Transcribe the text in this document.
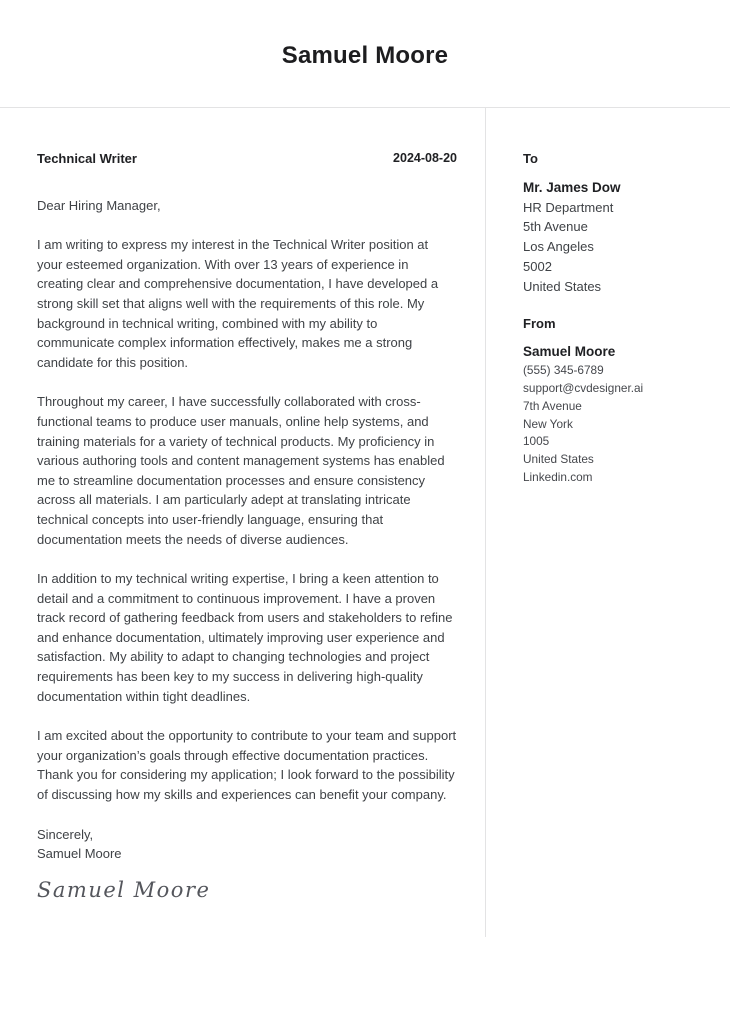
Samuel Moore
Technical Writer	2024-08-20

Dear Hiring Manager,

I am writing to express my interest in the Technical Writer position at your esteemed organization. With over 13 years of experience in creating clear and comprehensive documentation, I have developed a strong skill set that aligns well with the requirements of this role. My background in technical writing, combined with my ability to communicate complex information effectively, makes me a strong candidate for this position.

Throughout my career, I have successfully collaborated with cross-functional teams to produce user manuals, online help systems, and training materials for a variety of technical products. My proficiency in various authoring tools and content management systems has enabled me to streamline documentation processes and ensure consistency across all materials. I am particularly adept at translating intricate technical concepts into user-friendly language, ensuring that documentation meets the needs of diverse audiences.

In addition to my technical writing expertise, I bring a keen attention to detail and a commitment to continuous improvement. I have a proven track record of gathering feedback from users and stakeholders to refine and enhance documentation, ultimately improving user experience and satisfaction. My ability to adapt to changing technologies and project requirements has been key to my success in delivering high-quality documentation within tight deadlines.

I am excited about the opportunity to contribute to your team and support your organization’s goals through effective documentation practices. Thank you for considering my application; I look forward to the possibility of discussing how my skills and experiences can benefit your company.

Sincerely,
Samuel Moore
Samuel Moore
To
Mr. James Dow
HR Department
5th Avenue
Los Angeles
5002
United States
From
Samuel Moore
(555) 345-6789
support@cvdesigner.ai
7th Avenue
New York
1005
United States
Linkedin.com
